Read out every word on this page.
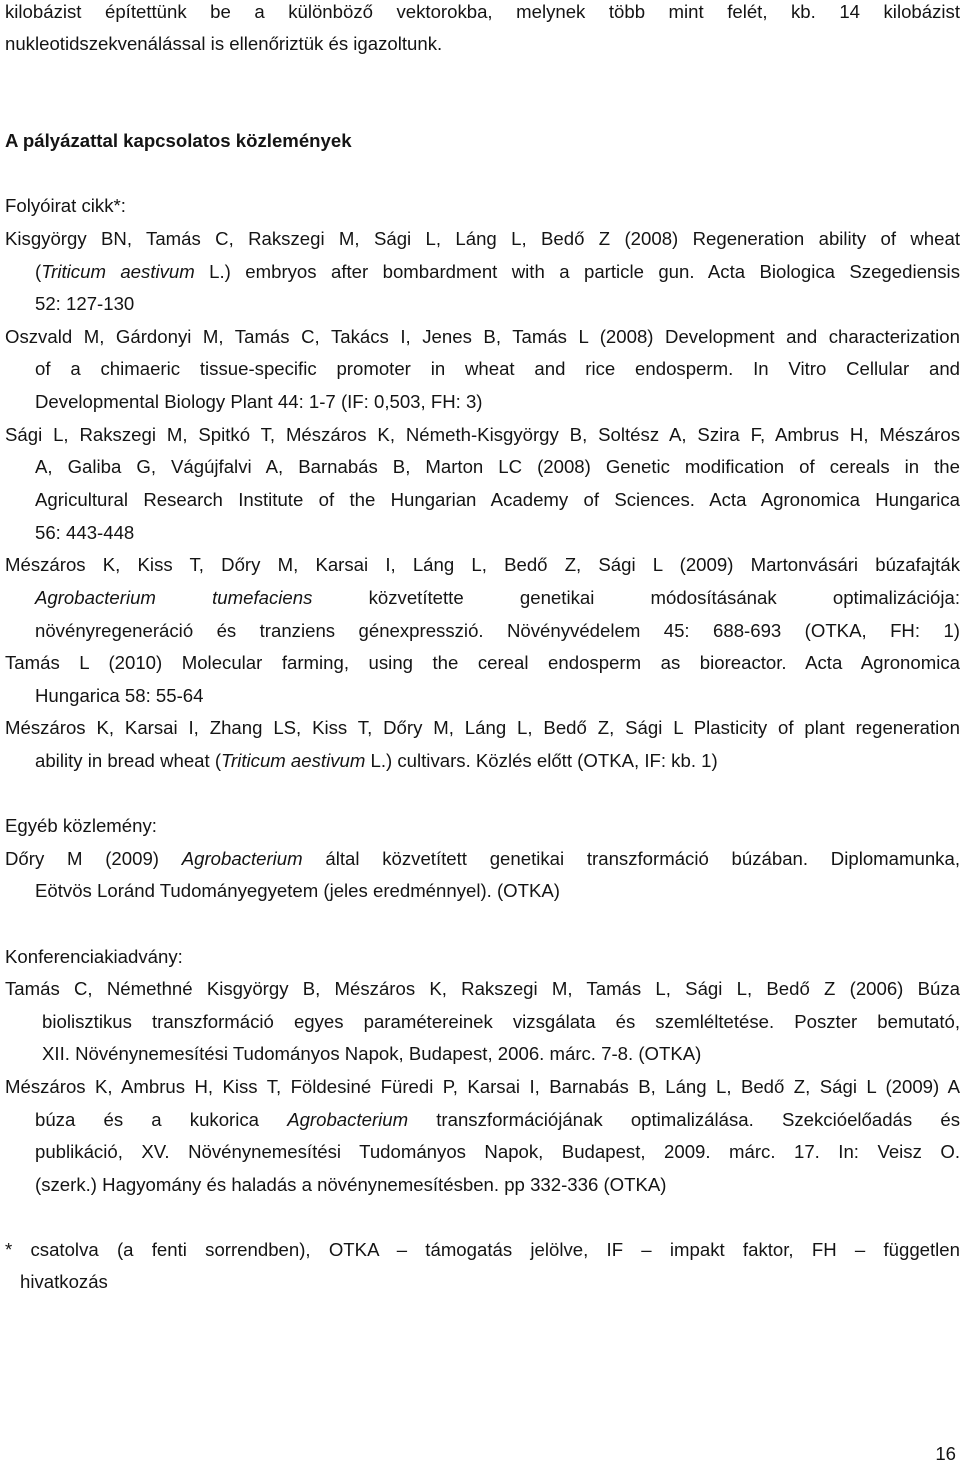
kilobázist építettünk be a különböző vektorokba, melynek több mint felét, kb. 14 kilobázist
nukleotidszekvenálással is ellenőriztük és igazoltunk.
A pályázattal kapcsolatos közlemények
Folyóirat cikk*:
Kisgyörgy BN, Tamás C, Rakszegi M, Sági L, Láng L, Bedő Z (2008) Regeneration ability of wheat
(Triticum aestivum L.) embryos after bombardment with a particle gun. Acta Biologica Szegediensis
52: 127-130
Oszvald M, Gárdonyi M, Tamás C, Takács I, Jenes B, Tamás L (2008) Development and characterization
of a chimaeric tissue-specific promoter in wheat and rice endosperm. In Vitro Cellular and
Developmental Biology Plant 44: 1-7 (IF: 0,503, FH: 3)
Sági L, Rakszegi M, Spitkó T, Mészáros K, Németh-Kisgyörgy B, Soltész A, Szira F, Ambrus H, Mészáros
A, Galiba G, Vágújfalvi A, Barnabás B, Marton LC (2008) Genetic modification of cereals in the
Agricultural Research Institute of the Hungarian Academy of Sciences. Acta Agronomica Hungarica
56: 443-448
Mészáros K, Kiss T, Dőry M, Karsai I, Láng L, Bedő Z, Sági L (2009) Martonvásári búzafajták
Agrobacterium tumefaciens közvetítette genetikai módosításának optimalizációja:
növényregeneráció és tranziens génexpresszió. Növényvédelem 45: 688-693 (OTKA, FH: 1)
Tamás L (2010) Molecular farming, using the cereal endosperm as bioreactor. Acta Agronomica
Hungarica 58: 55-64
Mészáros K, Karsai I, Zhang LS, Kiss T, Dőry M, Láng L, Bedő Z, Sági L Plasticity of plant regeneration
ability in bread wheat (Triticum aestivum L.) cultivars. Közlés előtt (OTKA, IF: kb. 1)
Egyéb közlemény:
Dőry M (2009) Agrobacterium által közvetített genetikai transzformáció búzában. Diplomamunka,
Eötvös Loránd Tudományegyetem (jeles eredménnyel). (OTKA)
Konferenciakiadvány:
Tamás C, Némethné Kisgyörgy B, Mészáros K, Rakszegi M, Tamás L, Sági L, Bedő Z (2006) Búza
biolisztikus transzformáció egyes paramétereinek vizsgálata és szemléltetése. Poszter bemutató,
XII. Növénynemesítési Tudományos Napok, Budapest, 2006. márc. 7-8. (OTKA)
Mészáros K, Ambrus H, Kiss T, Földesiné Füredi P, Karsai I, Barnabás B, Láng L, Bedő Z, Sági L (2009) A
búza és a kukorica Agrobacterium transzformációjának optimalizálása. Szekcióelőadás és
publikáció, XV. Növénynemesítési Tudományos Napok, Budapest, 2009. márc. 17. In: Veisz O.
(szerk.) Hagyomány és haladás a növénynemesítésben. pp 332-336 (OTKA)
* csatolva (a fenti sorrendben), OTKA – támogatás jelölve, IF – impakt faktor, FH – független
hivatkozás
16
